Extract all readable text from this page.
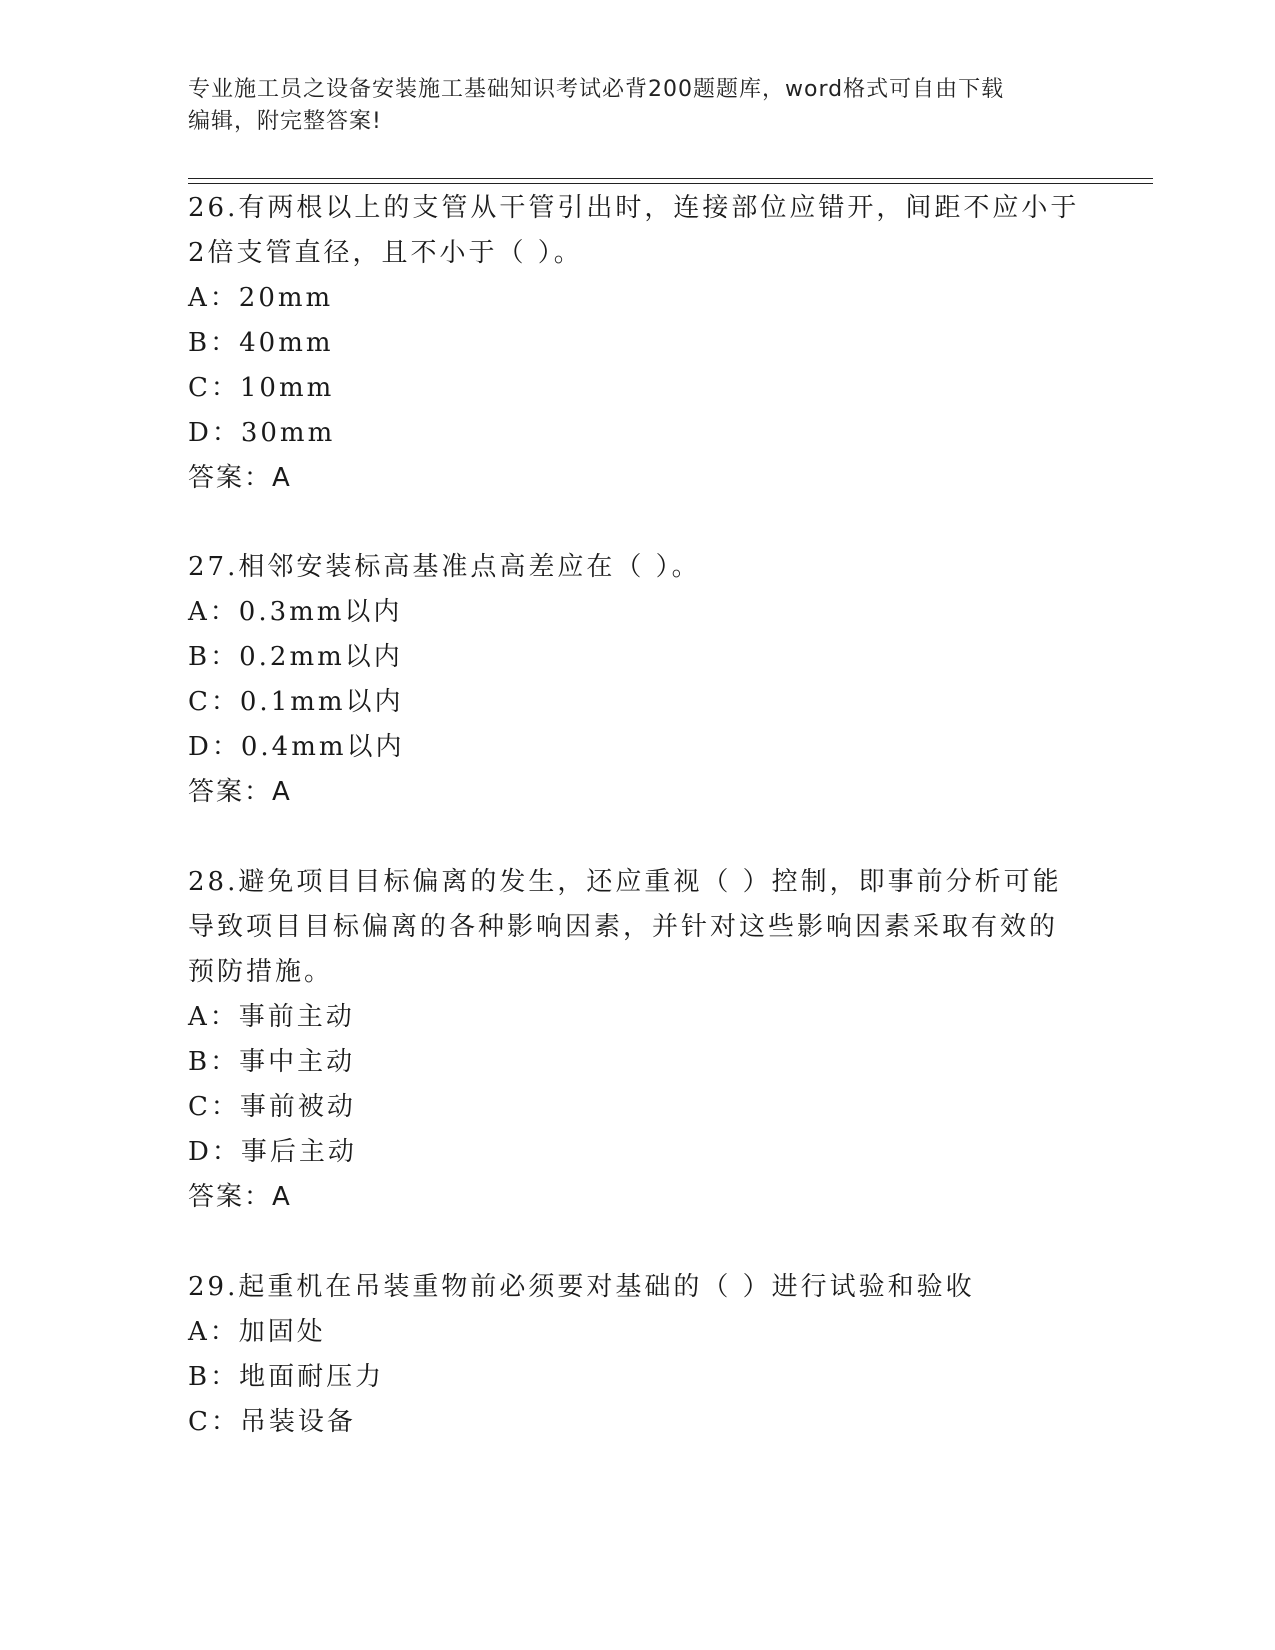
专业施工员之设备安装施工基础知识考试必背200题题库，word格式可自由下载
编辑，附完整答案!
26.有两根以上的支管从干管引出时，连接部位应错开，间距不应小于
2倍支管直径，且不小于（ ）。
A：20mm
B：40mm
C：10mm
D：30mm
答案：A
27.相邻安装标高基准点高差应在（ ）。
A：0.3mm以内
B：0.2mm以内
C：0.1mm以内
D：0.4mm以内
答案：A
28.避免项目目标偏离的发生，还应重视（ ）控制，即事前分析可能
导致项目目标偏离的各种影响因素，并针对这些影响因素采取有效的
预防措施。
A：事前主动
B：事中主动
C：事前被动
D：事后主动
答案：A
29.起重机在吊装重物前必须要对基础的（ ）进行试验和验收
A：加固处
B：地面耐压力
C：吊装设备
